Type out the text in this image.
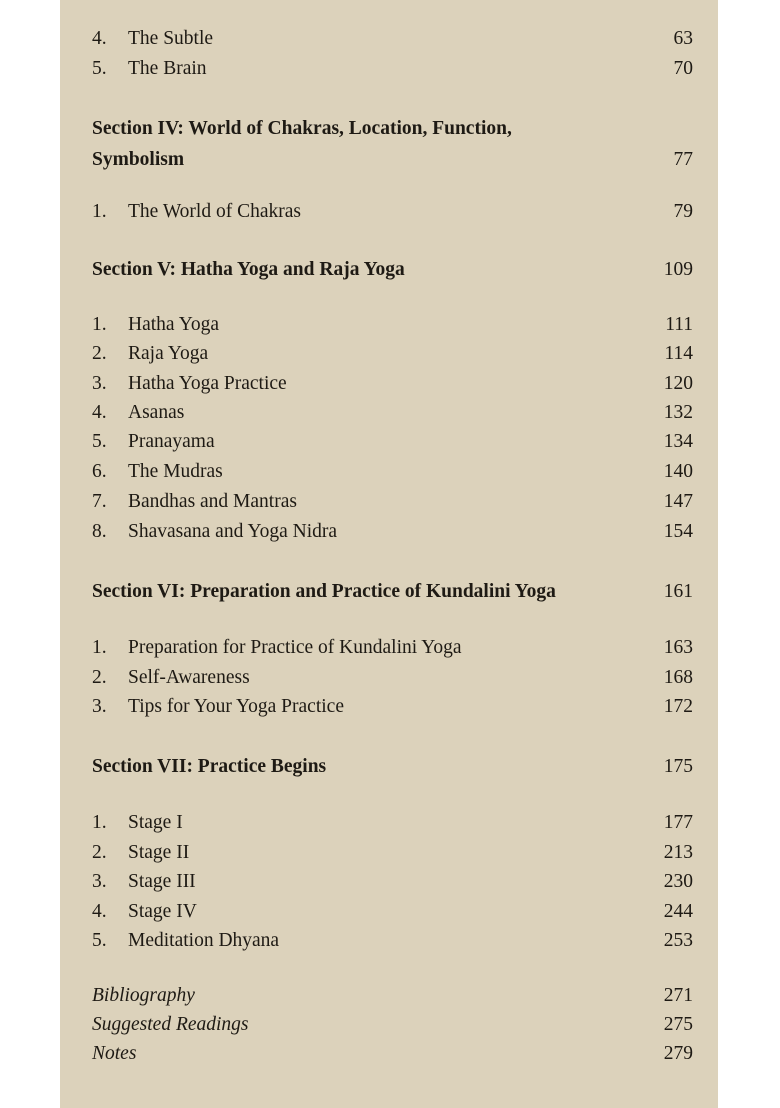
4.	The Subtle	63
5.	The Brain	70
Section IV: World of Chakras, Location, Function,
Symbolism	77
1.	The World of Chakras	79
Section V: Hatha Yoga and Raja Yoga	109
1.	Hatha Yoga	111
2.	Raja Yoga	114
3.	Hatha Yoga Practice	120
4.	Asanas	132
5.	Pranayama	134
6.	The Mudras	140
7.	Bandhas and Mantras	147
8.	Shavasana and Yoga Nidra	154
Section VI: Preparation and Practice of Kundalini Yoga	161
1.	Preparation for Practice of Kundalini Yoga	163
2.	Self-Awareness	168
3.	Tips for Your Yoga Practice	172
Section VII: Practice Begins	175
1.	Stage I	177
2.	Stage II	213
3.	Stage III	230
4.	Stage IV	244
5.	Meditation Dhyana	253
Bibliography	271
Suggested Readings	275
Notes	279
